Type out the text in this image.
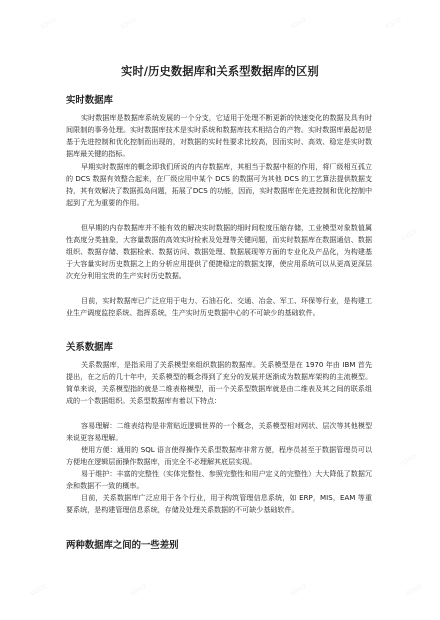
实时/历史数据库和关系型数据库的区别
实时数据库

实时数据库是数据库系统发展的一个分支，它适用于处理不断更新的快速变化的数据及具有时间限制的事务处理。实时数据库技术是实时系统和数据库技术相结合的产物。实时数据库最起初是基于先进控制和优化控制而出现的，对数据的实时性要求比较高，因而实时、高效、稳定是实时数据库最关键的指标。

早期实时数据库的概念即我们所说的内存数据库，其相当于数据中枢的作用，将厂级相互孤立的 DCS 数据有效整合起来，在厂级应用中某个 DCS 的数据可为其他 DCS 的工艺算法提供数据支持，其有效解决了数据孤岛问题，拓展了DCS 的功能，因而，实时数据库在先进控制和优化控制中起到了尤为重要的作用。

但早期的内存数据库并不能有效的解决实时数据的细时间粒度压缩存储，工业模型对象数值属性高度分类抽象，大容量数据的高效实时检索及处理等关键问题，而实时数据库在数据通信、数据组织、数据存储、数据检索、数据访问、数据处理、数据展现等方面的专业化及产品化，为构建基于大容量实时历史数据之上的分析应用提供了便捷稳定的数据支撑，使应用系统可以从更高更深层次充分利用宝贵的生产实时历史数据。

目前，实时数据库已广泛应用于电力、石油石化、交通、冶金、军工、环保等行业，是构建工业生产调度监控系统、指挥系统，生产实时历史数据中心的不可缺少的基础软件。

关系数据库

关系数据库，是指采用了关系模型来组织数据的数据库。关系模型是在 1970 年由 IBM 首先提出，在之后的几十年中，关系模型的概念得到了充分的发展并逐渐成为数据库架构的主流模型。简单来说，关系模型指的就是二维表格模型，而一个关系型数据库就是由二维表及其之间的联系组成的一个数据组织。关系型数据库有着以下特点：

容易理解：二维表结构是非常贴近逻辑世界的一个概念，关系模型相对网状、层次等其他模型来说更容易理解。

使用方便：通用的 SQL 语言使得操作关系型数据库非常方便，程序员甚至于数据管理员可以方便地在逻辑层面操作数据库，而完全不必理解其底层实现。

易于维护：丰富的完整性（实体完整性、参照完整性和用户定义的完整性）大大降低了数据冗余和数据不一致的概率。

目前，关系数据库广泛应用于各个行业，用于构筑管理信息系统，如 ERP，MIS，EAM 等重要系统，是构建管理信息系统，存储及处理关系数据的不可缺少基础软件。

两种数据库之间的一些差别
▭▭	▭▭	▭▭	▭▭
▭▭
▭▭
▭▭
▭▭
▭▭
▭▭
